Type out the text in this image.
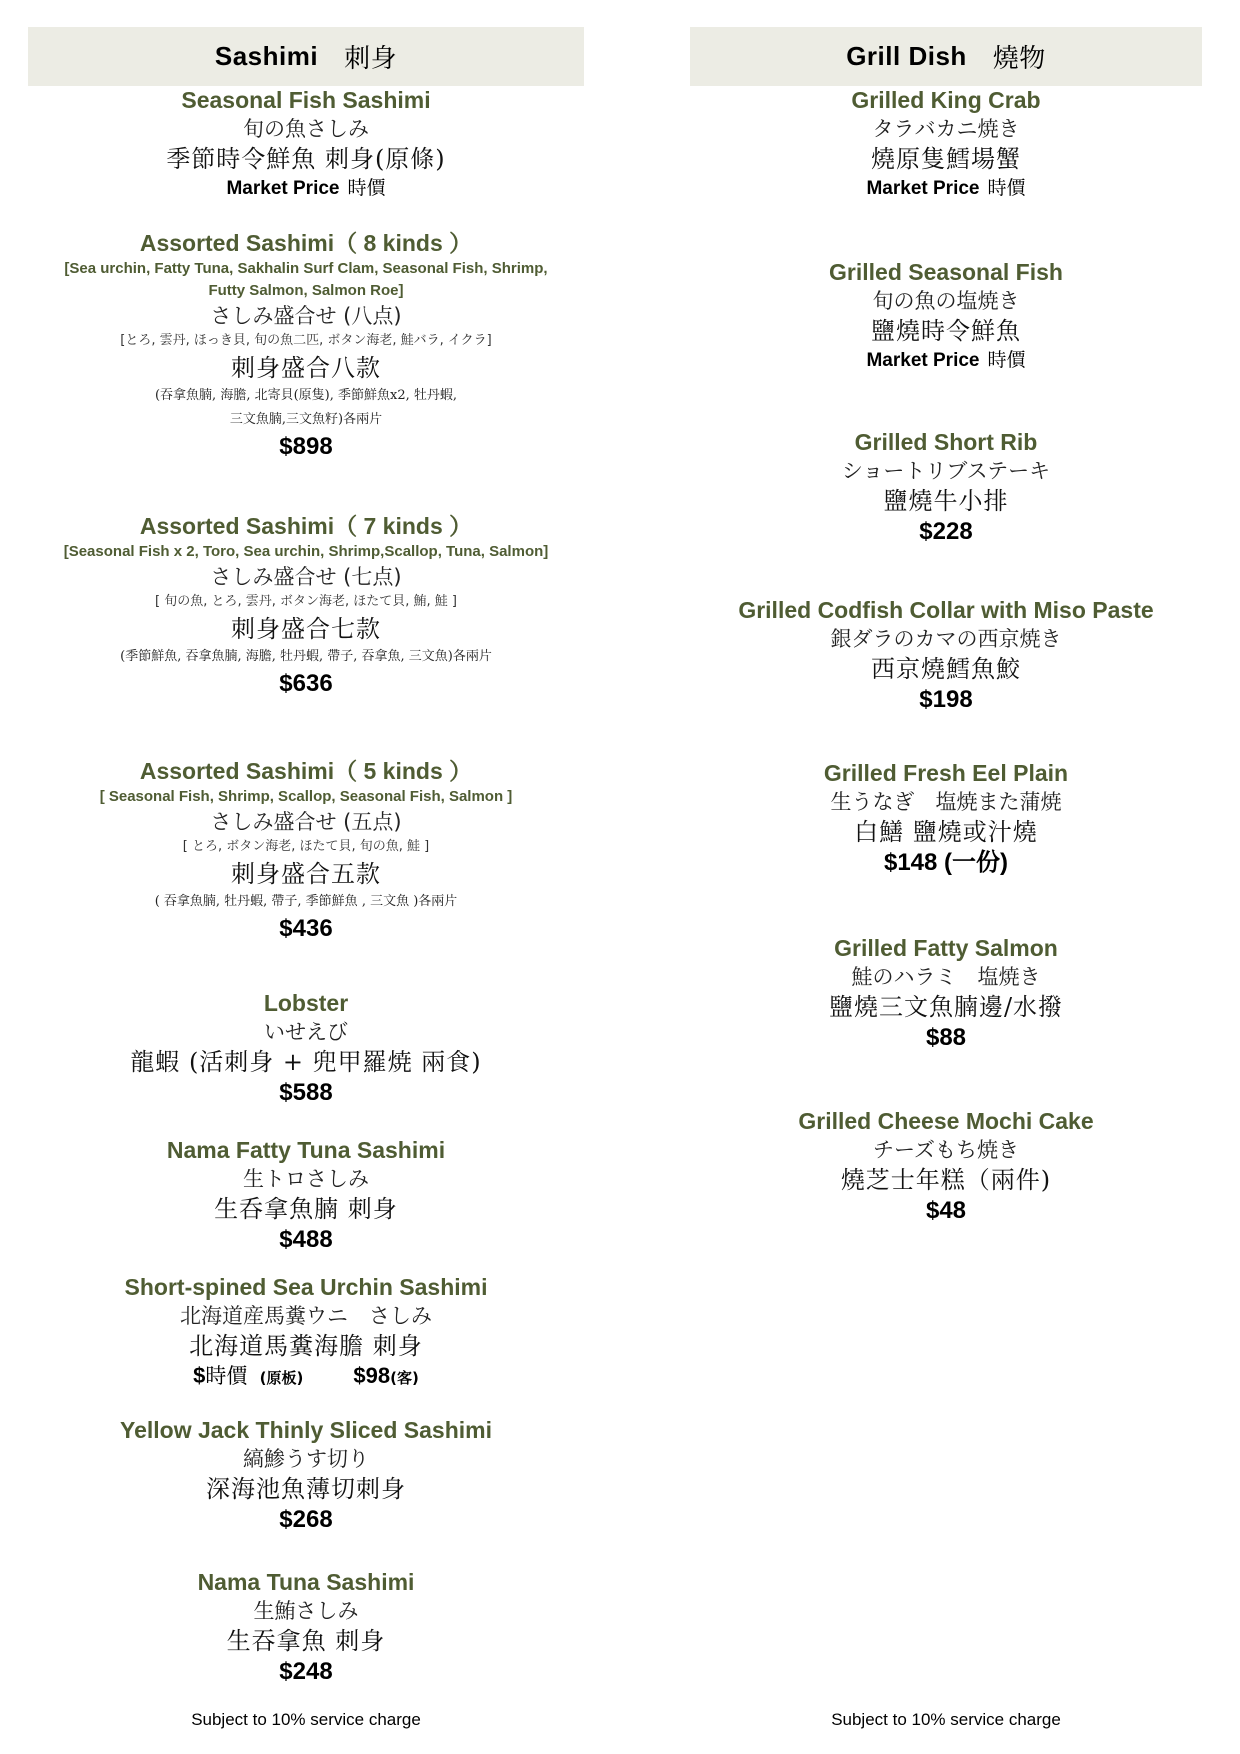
Sashimi 刺身
Seasonal Fish Sashimi
旬の魚さしみ
季節時令鮮魚 刺身(原條)
Market Price 時價
Assorted Sashimi（ 8 kinds ）
[Sea urchin, Fatty Tuna, Sakhalin Surf Clam, Seasonal Fish, Shrimp, Futty Salmon, Salmon Roe]
さしみ盛合せ (八点)
[とろ, 雲丹, ほっき貝, 旬の魚二匹, ボタン海老, 鮭バラ, イクラ]
刺身盛合八款
(吞拿魚腩, 海膽, 北寄貝(原隻), 季節鮮魚x2, 牡丹蝦,
三文魚腩,三文魚籽)各兩片
$898
Assorted Sashimi（ 7 kinds ）
[Seasonal Fish x 2, Toro, Sea urchin, Shrimp,Scallop, Tuna, Salmon]
さしみ盛合せ (七点)
[ 旬の魚, とろ, 雲丹, ボタン海老, ほたて貝, 鮪, 鮭 ]
刺身盛合七款
(季節鮮魚, 吞拿魚腩, 海膽, 牡丹蝦, 帶子, 吞拿魚, 三文魚)各兩片
$636
Assorted Sashimi（ 5 kinds ）
[ Seasonal Fish, Shrimp, Scallop, Seasonal Fish, Salmon ]
さしみ盛合せ (五点)
[ とろ, ボタン海老, ほたて貝, 旬の魚, 鮭 ]
刺身盛合五款
( 吞拿魚腩, 牡丹蝦, 帶子, 季節鮮魚 , 三文魚 )各兩片
$436
Lobster
いせえび
龍蝦 (活刺身 + 兜甲羅焼 兩食)
$588
Nama Fatty Tuna Sashimi
生トロさしみ
生呑拿魚腩 刺身
$488
Short-spined Sea Urchin Sashimi
北海道産馬糞ウニ　さしみ
北海道馬糞海膽 刺身
$時價 (原板) $98(客)
Yellow Jack Thinly Sliced Sashimi
縞鯵うす切り
深海池魚薄切刺身
$268
Nama Tuna Sashimi
生鮪さしみ
生吞拿魚 刺身
$248
Subject to 10% service charge
Grill Dish 燒物
Grilled King Crab
タラバカニ焼き
燒原隻鱈場蟹
Market Price 時價
Grilled Seasonal Fish
旬の魚の塩焼き
鹽燒時令鮮魚
Market Price 時價
Grilled Short Rib
ショートリブステーキ
鹽燒牛小排
$228
Grilled Codfish Collar with Miso Paste
銀ダラのカマの西京焼き
西京燒鱈魚鮫
$198
Grilled Fresh Eel Plain
生うなぎ　塩焼また蒲焼
白鱔 鹽燒或汁燒
$148 (一份)
Grilled Fatty Salmon
鮭のハラミ　塩焼き
鹽燒三文魚腩邊/水撥
$88
Grilled Cheese Mochi Cake
チーズもち焼き
燒芝士年糕（兩件)
$48
Subject to 10% service charge
